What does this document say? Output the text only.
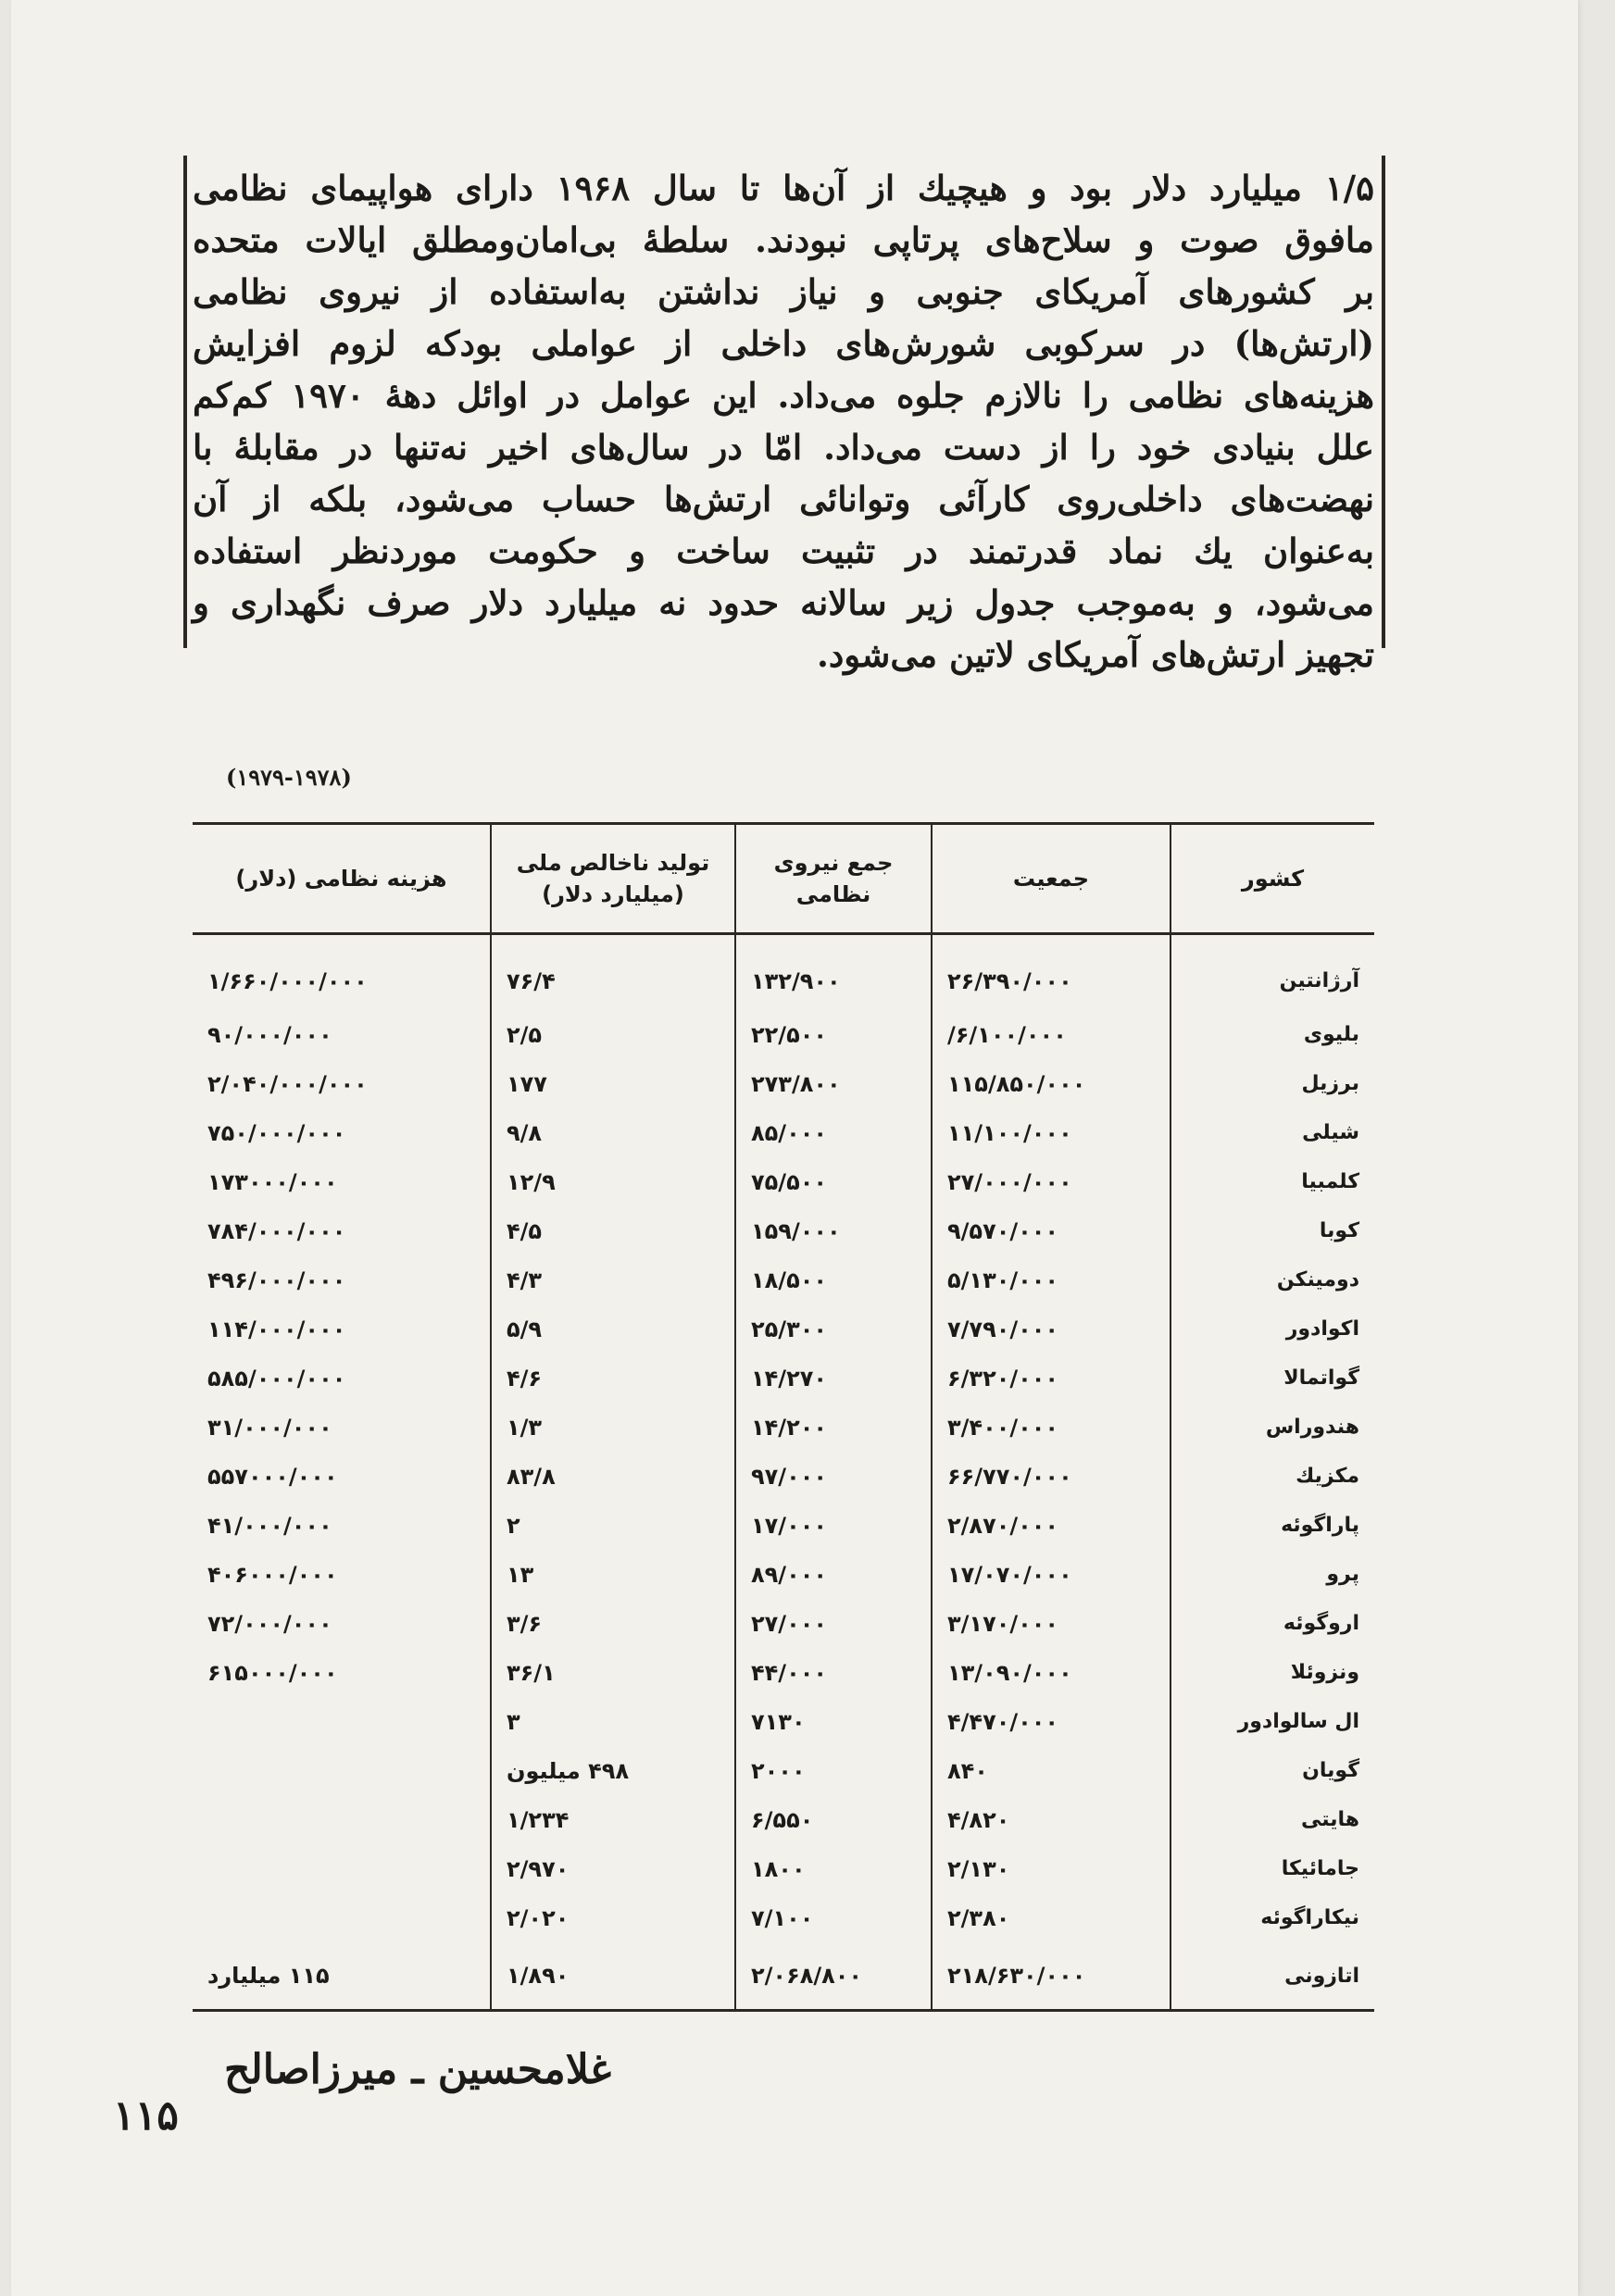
۱/۵ میلیارد دلار بود و هیچیك از آن‌ها تا سال ۱۹۶۸ دارای هواپیمای نظامی

مافوق صوت و سلاح‌های پرتاپی نبودند. سلطهٔ بی‌امان‌ومطلق ایالات متحده

بر کشورهای آمریکای جنوبی و نیاز نداشتن به‌استفاده از نیروی نظامی

(ارتش‌ها) در سرکوبی شورش‌های داخلی از عواملی بودکه لزوم افزایش

هزینه‌های نظامی را نالازم جلوه می‌داد. این عوامل در اوائل دههٔ ۱۹۷۰ کم‌کم

علل بنیادی خود را از دست می‌داد. امّا در سال‌های اخیر نه‌تنها در مقابلهٔ با

نهضت‌های داخلی‌روی کارآئی وتوانائی ارتش‌ها حساب می‌شود، بلکه از آن

به‌عنوان یك نماد قدرتمند در تثبیت ساخت و حکومت موردنظر استفاده

می‌شود، و به‌موجب جدول زیر سالانه حدود نه میلیارد دلار صرف نگهداری و

تجهیز ارتش‌های آمریکای لاتین می‌شود.

(۱۹۷۹-۱۹۷۸)
کشور	جمعیت	جمع نیروی نظامی	تولید ناخالص ملی (میلیارد دلار)	هزینه نظامی (دلار)
آرژانتین	۲۶/۳۹۰/۰۰۰	۱۳۲/۹۰۰	۷۶/۴	۱/۶۶۰/۰۰۰/۰۰۰
بلیوی	۶/۱۰۰/۰۰۰/	۲۲/۵۰۰	۲/۵	۹۰/۰۰۰/۰۰۰
برزیل	۱۱۵/۸۵۰/۰۰۰	۲۷۳/۸۰۰	۱۷۷	۲/۰۴۰/۰۰۰/۰۰۰
شیلی	۱۱/۱۰۰/۰۰۰	۸۵/۰۰۰	۹/۸	۷۵۰/۰۰۰/۰۰۰
کلمبیا	۲۷/۰۰۰/۰۰۰	۷۵/۵۰۰	۱۲/۹	۱۷۳۰۰۰/۰۰۰
کوبا	۹/۵۷۰/۰۰۰	۱۵۹/۰۰۰	۴/۵	۷۸۴/۰۰۰/۰۰۰
دومینکن	۵/۱۳۰/۰۰۰	۱۸/۵۰۰	۴/۳	۴۹۶/۰۰۰/۰۰۰
اکوادور	۷/۷۹۰/۰۰۰	۲۵/۳۰۰	۵/۹	۱۱۴/۰۰۰/۰۰۰
گواتمالا	۶/۳۲۰/۰۰۰	۱۴/۲۷۰	۴/۶	۵۸۵/۰۰۰/۰۰۰
هندوراس	۳/۴۰۰/۰۰۰	۱۴/۲۰۰	۱/۳	۳۱/۰۰۰/۰۰۰
مکزیك	۶۶/۷۷۰/۰۰۰	۹۷/۰۰۰	۸۳/۸	۵۵۷۰۰۰/۰۰۰
پاراگوئه	۲/۸۷۰/۰۰۰	۱۷/۰۰۰	۲	۴۱/۰۰۰/۰۰۰
پرو	۱۷/۰۷۰/۰۰۰	۸۹/۰۰۰	۱۳	۴۰۶۰۰۰/۰۰۰
اروگوئه	۳/۱۷۰/۰۰۰	۲۷/۰۰۰	۳/۶	۷۲/۰۰۰/۰۰۰
ونزوئلا	۱۳/۰۹۰/۰۰۰	۴۴/۰۰۰	۳۶/۱	۶۱۵۰۰۰/۰۰۰
ال سالوادور	۴/۴۷۰/۰۰۰	۷۱۳۰	۳	
گویان	۸۴۰	۲۰۰۰	۴۹۸ میلیون	
هایتی	۴/۸۲۰	۶/۵۵۰	۱/۲۳۴	
جامائیکا	۲/۱۳۰	۱۸۰۰	۲/۹۷۰	
نیکاراگوئه	۲/۳۸۰	۷/۱۰۰	۲/۰۲۰	
اتازونی	۲۱۸/۶۳۰/۰۰۰	۲/۰۶۸/۸۰۰	۱/۸۹۰	۱۱۵ میلیارد
غلامحسین ـ میرزاصالح
۱۱۵
